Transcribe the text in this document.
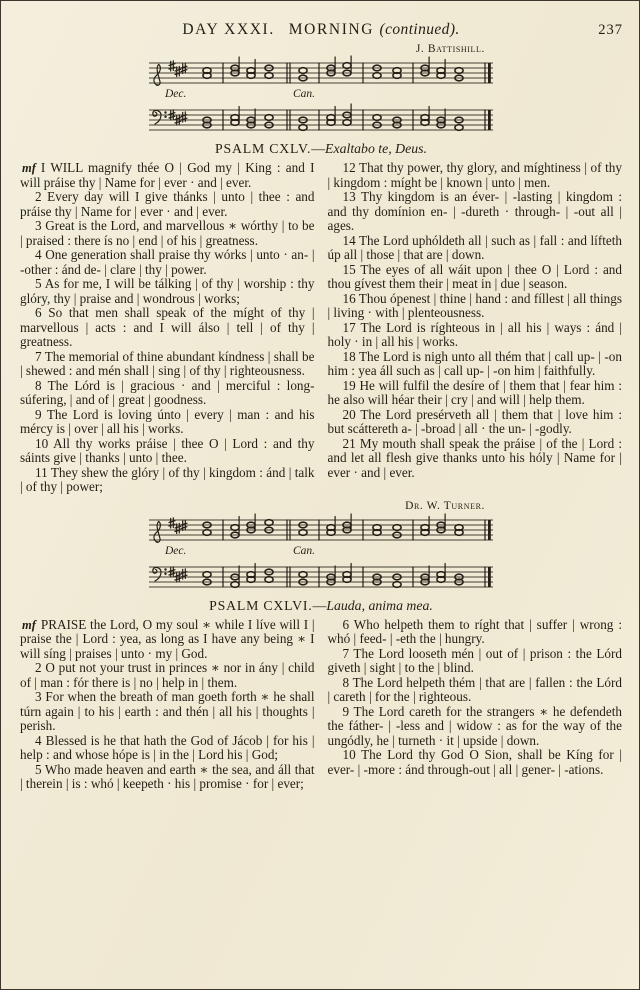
DAY XXXI. MORNING (continued).	237
J. Battishill.
Dec.	Can.
PSALM CXLV.—Exaltabo te, Deus.

mf I WILL magnify thée O | God my | King : and I will práise thy | Name for | ever · and | ever.

2 Every day will I give thánks | unto | thee : and práise thy | Name for | ever · and | ever.

3 Great is the Lord, and marvellous ∗ wórthy | to be | praised : there ís no | end | of his | greatness.

4 One generation shall praise thy wórks | unto · an- | -other : ánd de- | clare | thy | power.

5 As for me, I will be tálking | of thy | worship : thy glóry, thy | praise and | wondrous | works;

6 So that men shall speak of the míght of thy | marvellous | acts : and I will álso | tell | of thy | greatness.

7 The memorial of thine abundant kíndness | shall be | shewed : and mén shall | sing | of thy | righteousness.

8 The Lórd is | gracious · and | merciful : long-súfering, | and of | great | goodness.

9 The Lord is loving únto | every | man : and his mércy is | over | all his | works.

10 All thy works práise | thee O | Lord : and thy sáints give | thanks | unto | thee.

11 They shew the glóry | of thy | kingdom : ánd | talk | of thy | power;

12 That thy power, thy glory, and míghtiness | of thy | kingdom : míght be | known | unto | men.

13 Thy kingdom is an éver- | -lasting | kingdom : and thy domínion en- | -dureth · through- | -out all | ages.

14 The Lord uphóldeth all | such as | fall : and lífteth úp all | those | that are | down.

15 The eyes of all wáit upon | thee O | Lord : and thou gívest them their | meat in | due | season.

16 Thou ópenest | thine | hand : and fíllest | all things | living · with | plenteousness.

17 The Lord is ríghteous in | all his | ways : ánd | holy · in | all his | works.

18 The Lord is nigh unto all thém that | call up- | -on him : yea áll such as | call up- | -on him | faithfully.

19 He will fulfil the desíre of | them that | fear him : he also will héar their | cry | and will | help them.

20 The Lord presérveth all | them that | love him : but scáttereth a- | -broad | all · the un- | -godly.

21 My mouth shall speak the práise | of the | Lord : and let all flesh give thanks unto his hóly | Name for | ever · and | ever.

Dr. W. Turner.
Dec.	Can.
PSALM CXLVI.—Lauda, anima mea.

mf PRAISE the Lord, O my soul ∗ while I líve will I | praise the | Lord : yea, as long as I have any being ∗ I will síng | praises | unto · my | God.

2 O put not your trust in princes ∗ nor in ány | child of | man : fór there is | no | help in | them.

3 For when the breath of man goeth forth ∗ he shall túrn again | to his | earth : and thén | all his | thoughts | perish.

4 Blessed is he that hath the God of Jácob | for his | help : and whose hópe is | in the | Lord his | God;

5 Who made heaven and earth ∗ the sea, and áll that | therein | is : whó | keepeth · his | promise · for | ever;

6 Who helpeth them to ríght that | suffer | wrong : whó | feed- | -eth the | hungry.

7 The Lord looseth mén | out of | prison : the Lórd giveth | sight | to the | blind.

8 The Lord helpeth thém | that are | fallen : the Lórd | careth | for the | righteous.

9 The Lord careth for the strangers ∗ he defendeth the fáther- | -less and | widow : as for the way of the ungódly, he | turneth · it | upside | down.

10 The Lord thy God O Sion, shall be Kíng for | ever- | -more : ánd through-out | all | gener- | -ations.
